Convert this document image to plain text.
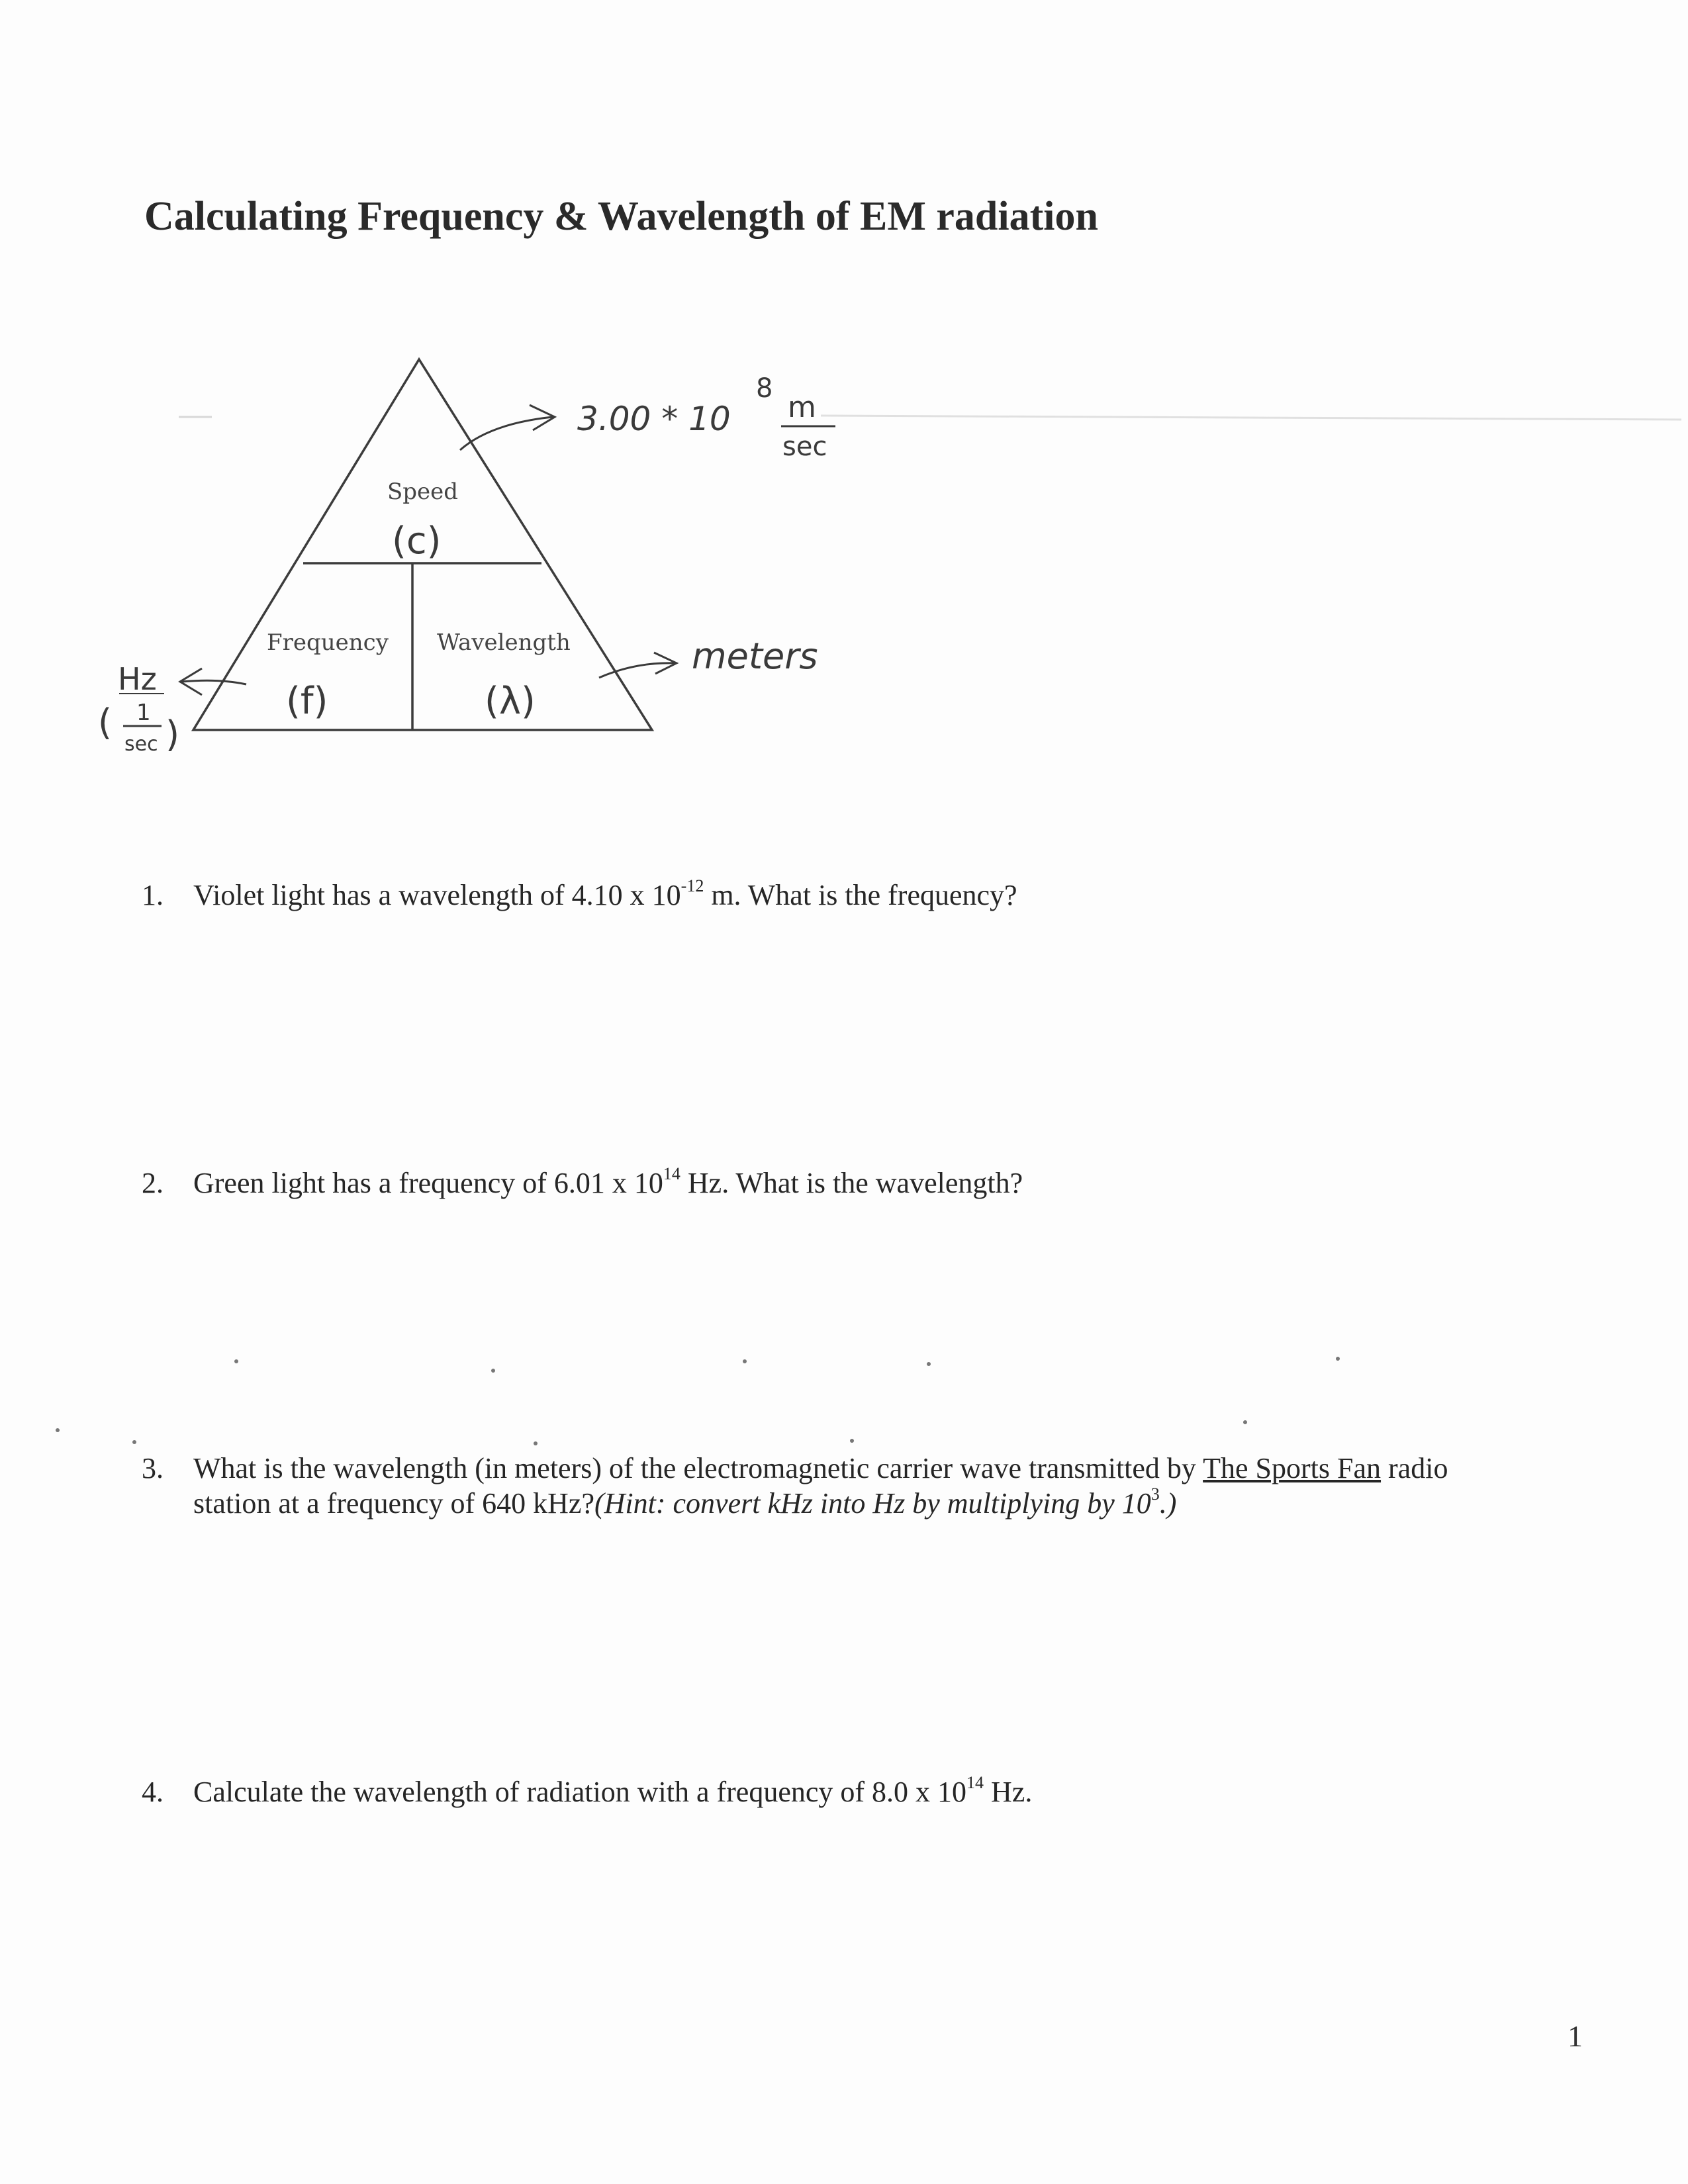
Calculating Frequency & Wavelength of EM radiation
Speed
(c)
Frequency
(f)
Wavelength
(λ)
3.00 * 10
8
m
sec
meters
Hz
( 1
sec )
1. Violet light has a wavelength of 4.10 x $10^{-12}$ m. What is the frequency?
2. Green light has a frequency of 6.01 x $10^{14}$ Hz. What is the wavelength?
3. What is the wavelength (in meters) of the electromagnetic carrier wave transmitted by The Sports Fan radio
station at a frequency of 640 kHz?(Hint: convert kHz into Hz by multiplying by $10^3$.)
4. Calculate the wavelength of radiation with a frequency of 8.0 x $10^{14}$ Hz.
1
